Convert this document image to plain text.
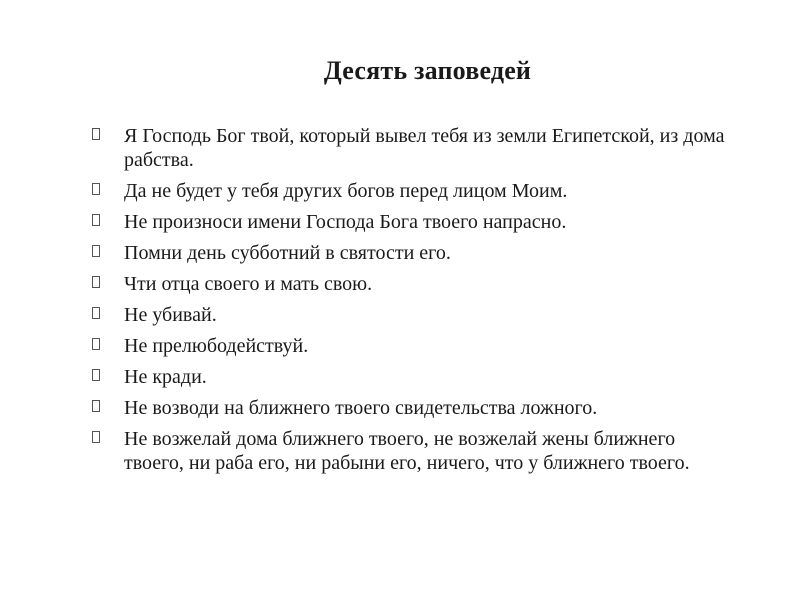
Десять заповедей
Я Господь Бог твой, который вывел тебя из земли Египетской, из дома рабства.
Да не будет у тебя других богов перед лицом Моим.
Не произноси имени Господа Бога твоего напрасно.
Помни день субботний в святости его.
Чти отца своего и мать свою.
Не убивай.
Не прелюбодействуй.
Не кради.
Не возводи на ближнего твоего свидетельства ложного.
Не возжелай дома ближнего твоего, не возжелай жены ближнего твоего, ни раба его, ни рабыни его, ничего, что у ближнего твоего.
